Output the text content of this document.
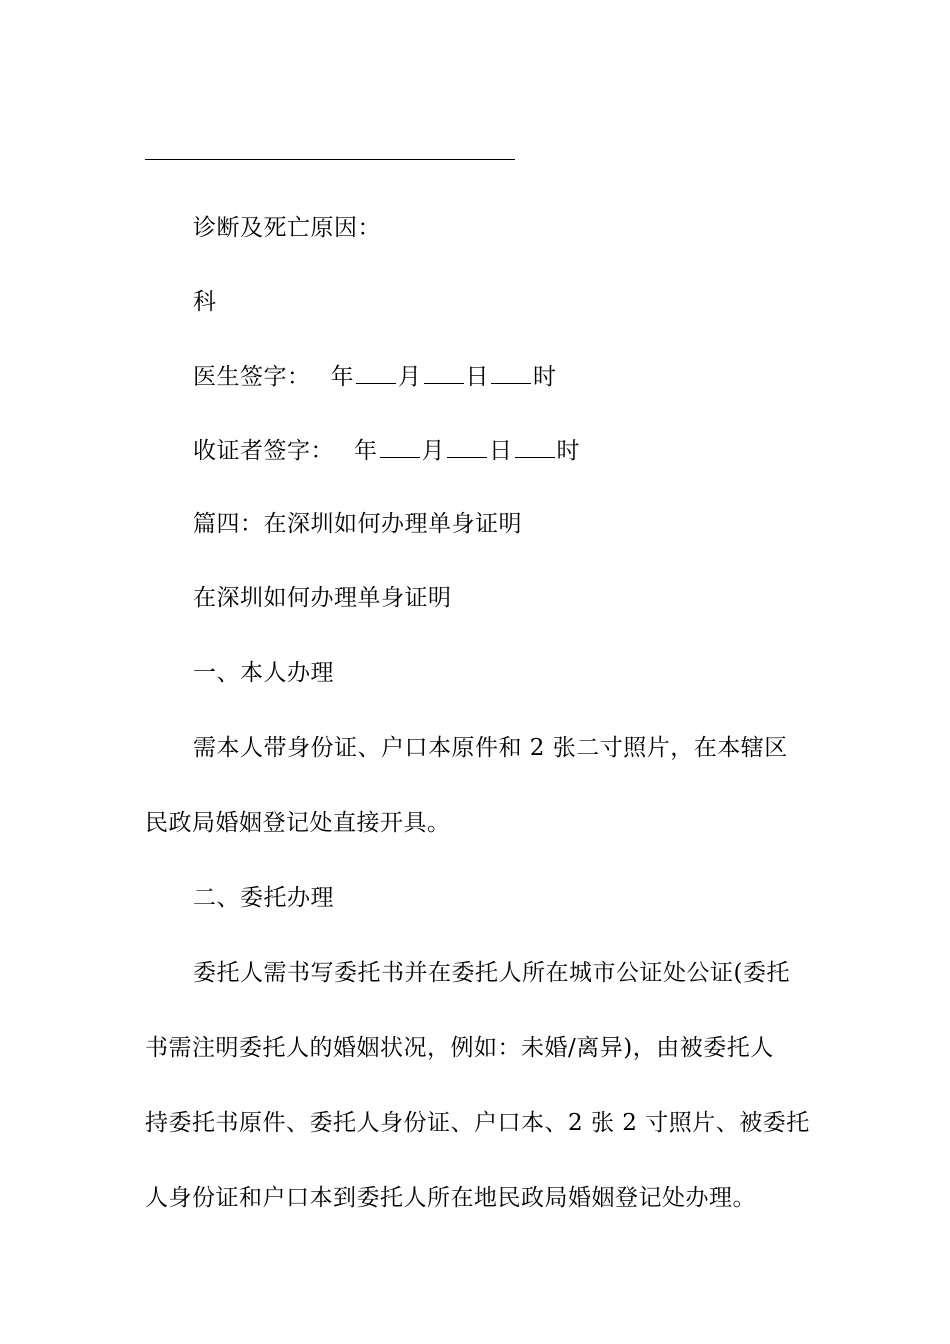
诊断及死亡原因：
科
医生签字： 年 月 日 时
收证者签字： 年 月 日 时
篇四：在深圳如何办理单身证明
在深圳如何办理单身证明
一、本人办理
需本人带身份证、户口本原件和 2 张二寸照片，在本辖区
民政局婚姻登记处直接开具。
二、委托办理
委托人需书写委托书并在委托人所在城市公证处公证(委托
书需注明委托人的婚姻状况，例如：未婚/离异)，由被委托人
持委托书原件、委托人身份证、户口本、2 张 2 寸照片、被委托
人身份证和户口本到委托人所在地民政局婚姻登记处办理。
